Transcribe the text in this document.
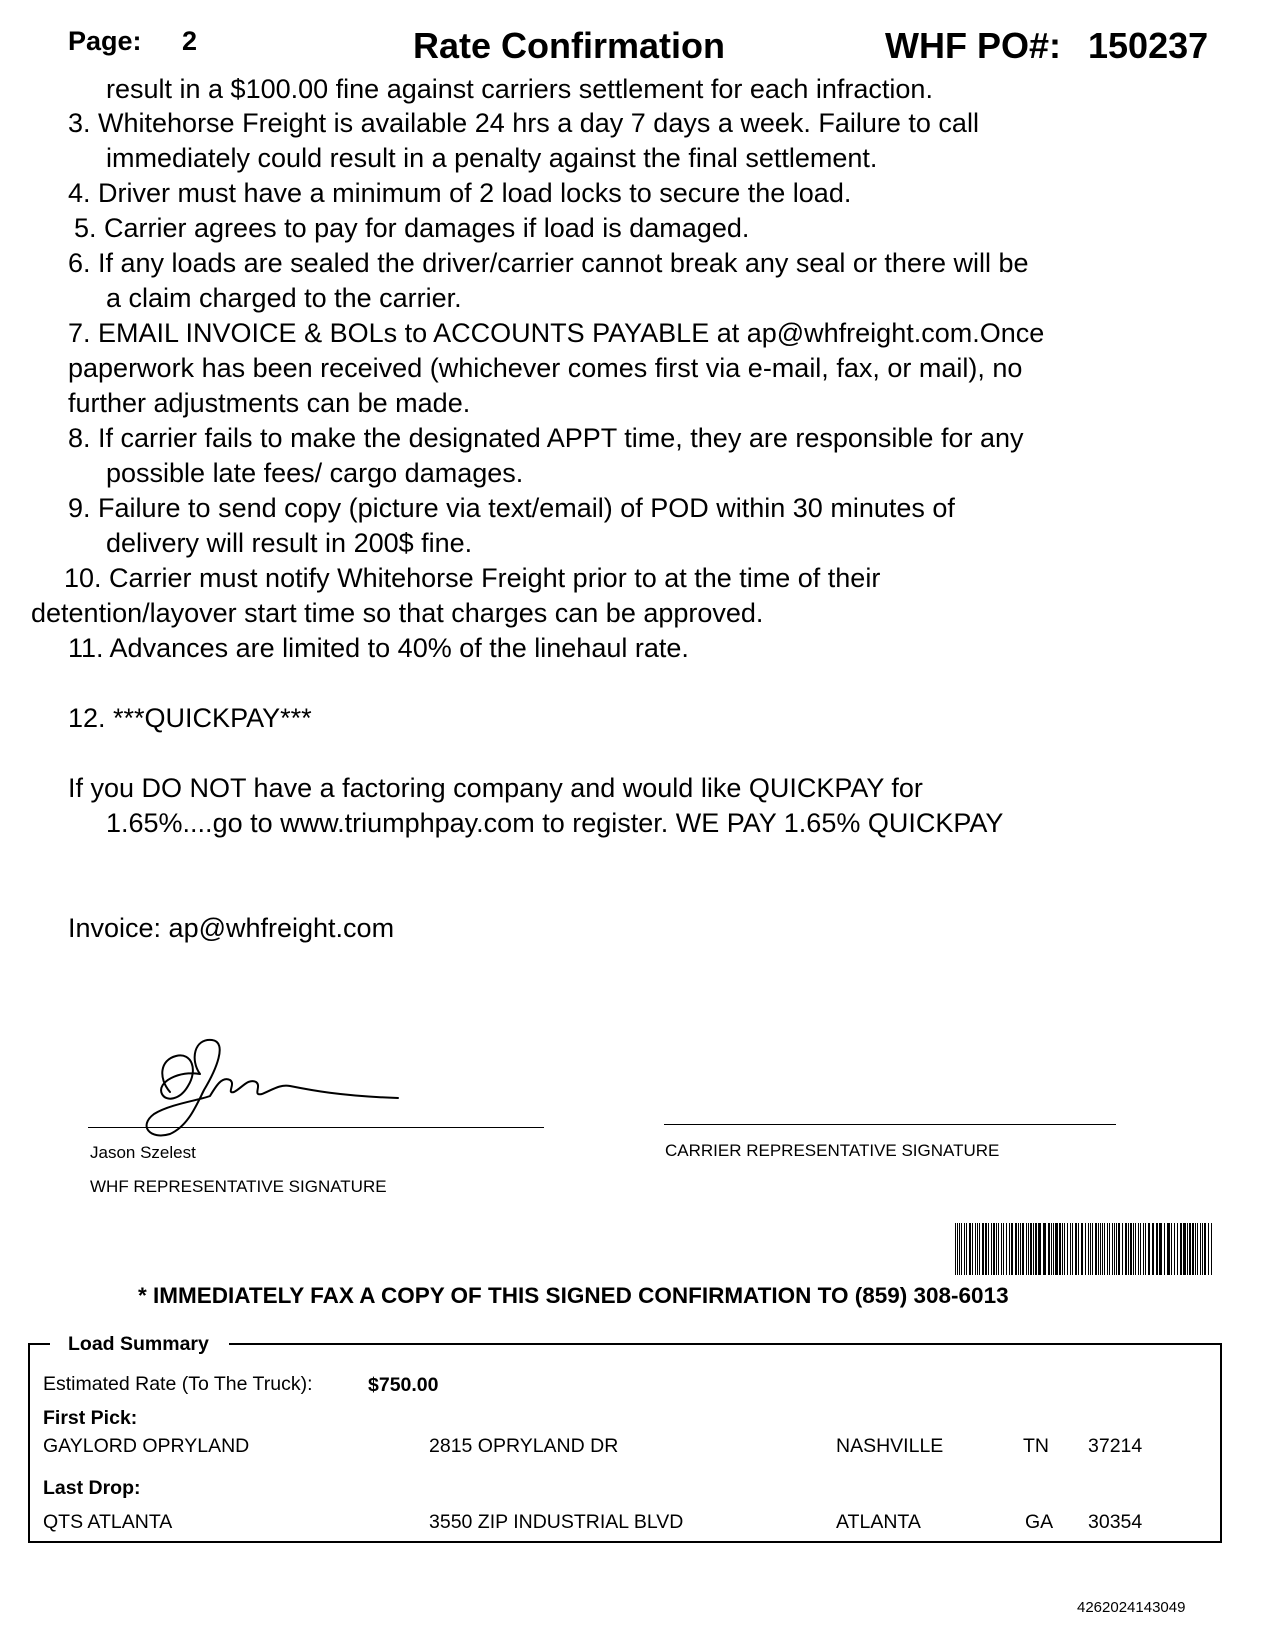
Page: 2	Rate Confirmation	WHF PO#: 150237
result in a $100.00 fine against carriers settlement for each infraction.
3. Whitehorse Freight is available 24 hrs a day 7 days a week. Failure to call
immediately could result in a penalty against the final settlement.
4. Driver must have a minimum of 2 load locks to secure the load.
5. Carrier agrees to pay for damages if load is damaged.
6. If any loads are sealed the driver/carrier cannot break any seal or there will be
a claim charged to the carrier.
7. EMAIL INVOICE & BOLs to ACCOUNTS PAYABLE at ap@whfreight.com.Once
paperwork has been received (whichever comes first via e-mail, fax, or mail), no
further adjustments can be made.
8. If carrier fails to make the designated APPT time, they are responsible for any
possible late fees/ cargo damages.
9. Failure to send copy (picture via text/email) of POD within 30 minutes of
delivery will result in 200$ fine.
10. Carrier must notify Whitehorse Freight prior to at the time of their
detention/layover start time so that charges can be approved.
11. Advances are limited to 40% of the linehaul rate.
12. ***QUICKPAY***
If you DO NOT have a factoring company and would like QUICKPAY for
1.65%....go to www.triumphpay.com to register. WE PAY 1.65% QUICKPAY
Invoice: ap@whfreight.com
Jason Szelest
WHF REPRESENTATIVE SIGNATURE
CARRIER REPRESENTATIVE SIGNATURE
* IMMEDIATELY FAX A COPY OF THIS SIGNED CONFIRMATION TO (859) 308-6013
Load Summary
Estimated Rate (To The Truck):	$750.00
First Pick:
GAYLORD OPRYLAND	2815 OPRYLAND DR	NASHVILLE	TN 37214
Last Drop:
QTS ATLANTA	3550 ZIP INDUSTRIAL BLVD	ATLANTA	GA 30354
4262024143049
